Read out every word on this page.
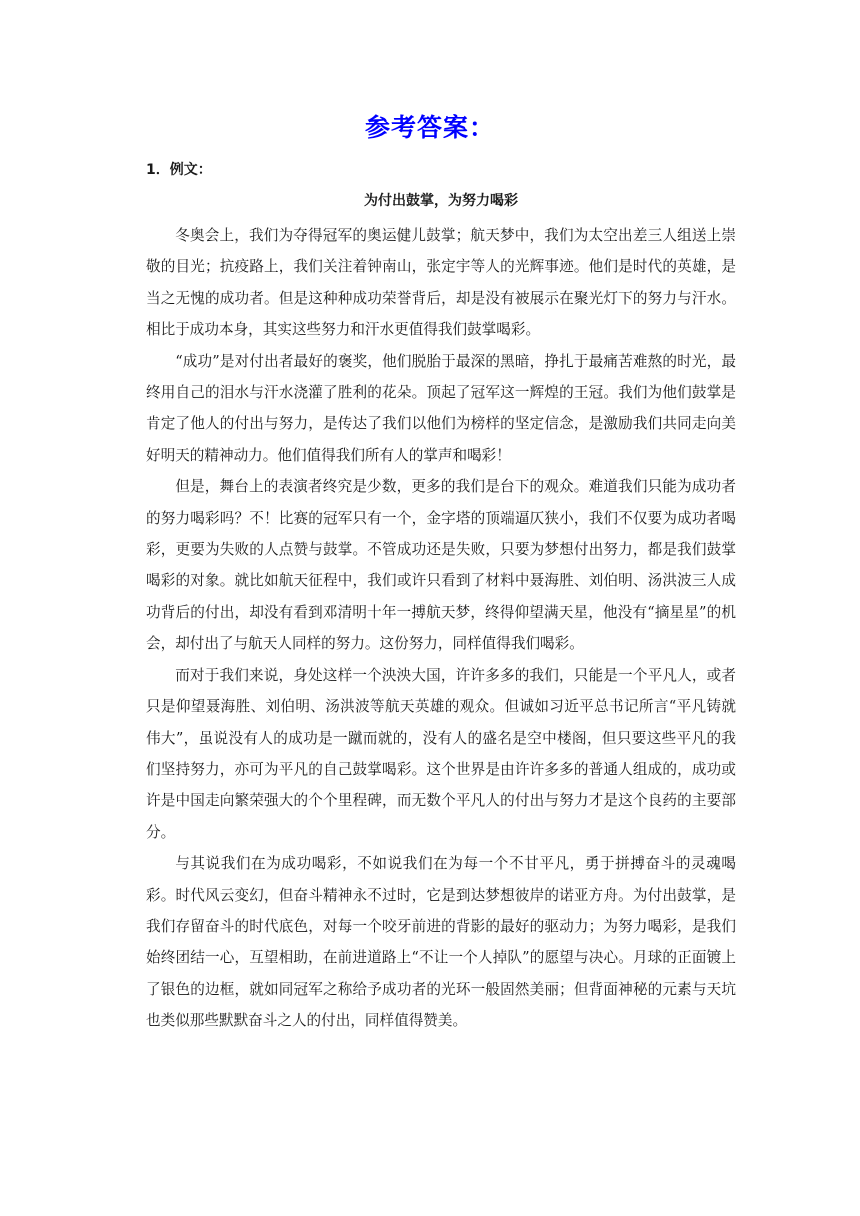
参考答案：
1．例文：
为付出鼓掌，为努力喝彩

冬奥会上，我们为夺得冠军的奥运健儿鼓掌；航天梦中，我们为太空出差三人组送上崇敬的目光；抗疫路上，我们关注着钟南山，张定宇等人的光辉事迹。他们是时代的英雄，是当之无愧的成功者。但是这种种成功荣誉背后，却是没有被展示在聚光灯下的努力与汗水。相比于成功本身，其实这些努力和汗水更值得我们鼓掌喝彩。

“成功”是对付出者最好的褒奖，他们脱胎于最深的黑暗，挣扎于最痛苦难熬的时光，最终用自己的泪水与汗水浇灌了胜利的花朵。顶起了冠军这一辉煌的王冠。我们为他们鼓掌是肯定了他人的付出与努力，是传达了我们以他们为榜样的坚定信念，是激励我们共同走向美好明天的精神动力。他们值得我们所有人的掌声和喝彩！

但是，舞台上的表演者终究是少数，更多的我们是台下的观众。难道我们只能为成功者的努力喝彩吗？不！比赛的冠军只有一个，金字塔的顶端逼仄狭小，我们不仅要为成功者喝彩，更要为失败的人点赞与鼓掌。不管成功还是失败，只要为梦想付出努力，都是我们鼓掌喝彩的对象。就比如航天征程中，我们或许只看到了材料中聂海胜、刘伯明、汤洪波三人成功背后的付出，却没有看到邓清明十年一搏航天梦，终得仰望满天星，他没有“摘星星”的机会，却付出了与航天人同样的努力。这份努力，同样值得我们喝彩。

而对于我们来说，身处这样一个泱泱大国，许许多多的我们，只能是一个平凡人，或者只是仰望聂海胜、刘伯明、汤洪波等航天英雄的观众。但诚如习近平总书记所言“平凡铸就伟大”，虽说没有人的成功是一蹴而就的，没有人的盛名是空中楼阁，但只要这些平凡的我们坚持努力，亦可为平凡的自己鼓掌喝彩。这个世界是由许许多多的普通人组成的，成功或许是中国走向繁荣强大的个个里程碑，而无数个平凡人的付出与努力才是这个良药的主要部分。

与其说我们在为成功喝彩，不如说我们在为每一个不甘平凡，勇于拼搏奋斗的灵魂喝彩。时代风云变幻，但奋斗精神永不过时，它是到达梦想彼岸的诺亚方舟。为付出鼓掌，是我们存留奋斗的时代底色，对每一个咬牙前进的背影的最好的驱动力；为努力喝彩，是我们始终团结一心，互望相助，在前进道路上“不让一个人掉队”的愿望与决心。月球的正面镀上了银色的边框，就如同冠军之称给予成功者的光环一般固然美丽；但背面神秘的元素与天坑也类似那些默默奋斗之人的付出，同样值得赞美。
